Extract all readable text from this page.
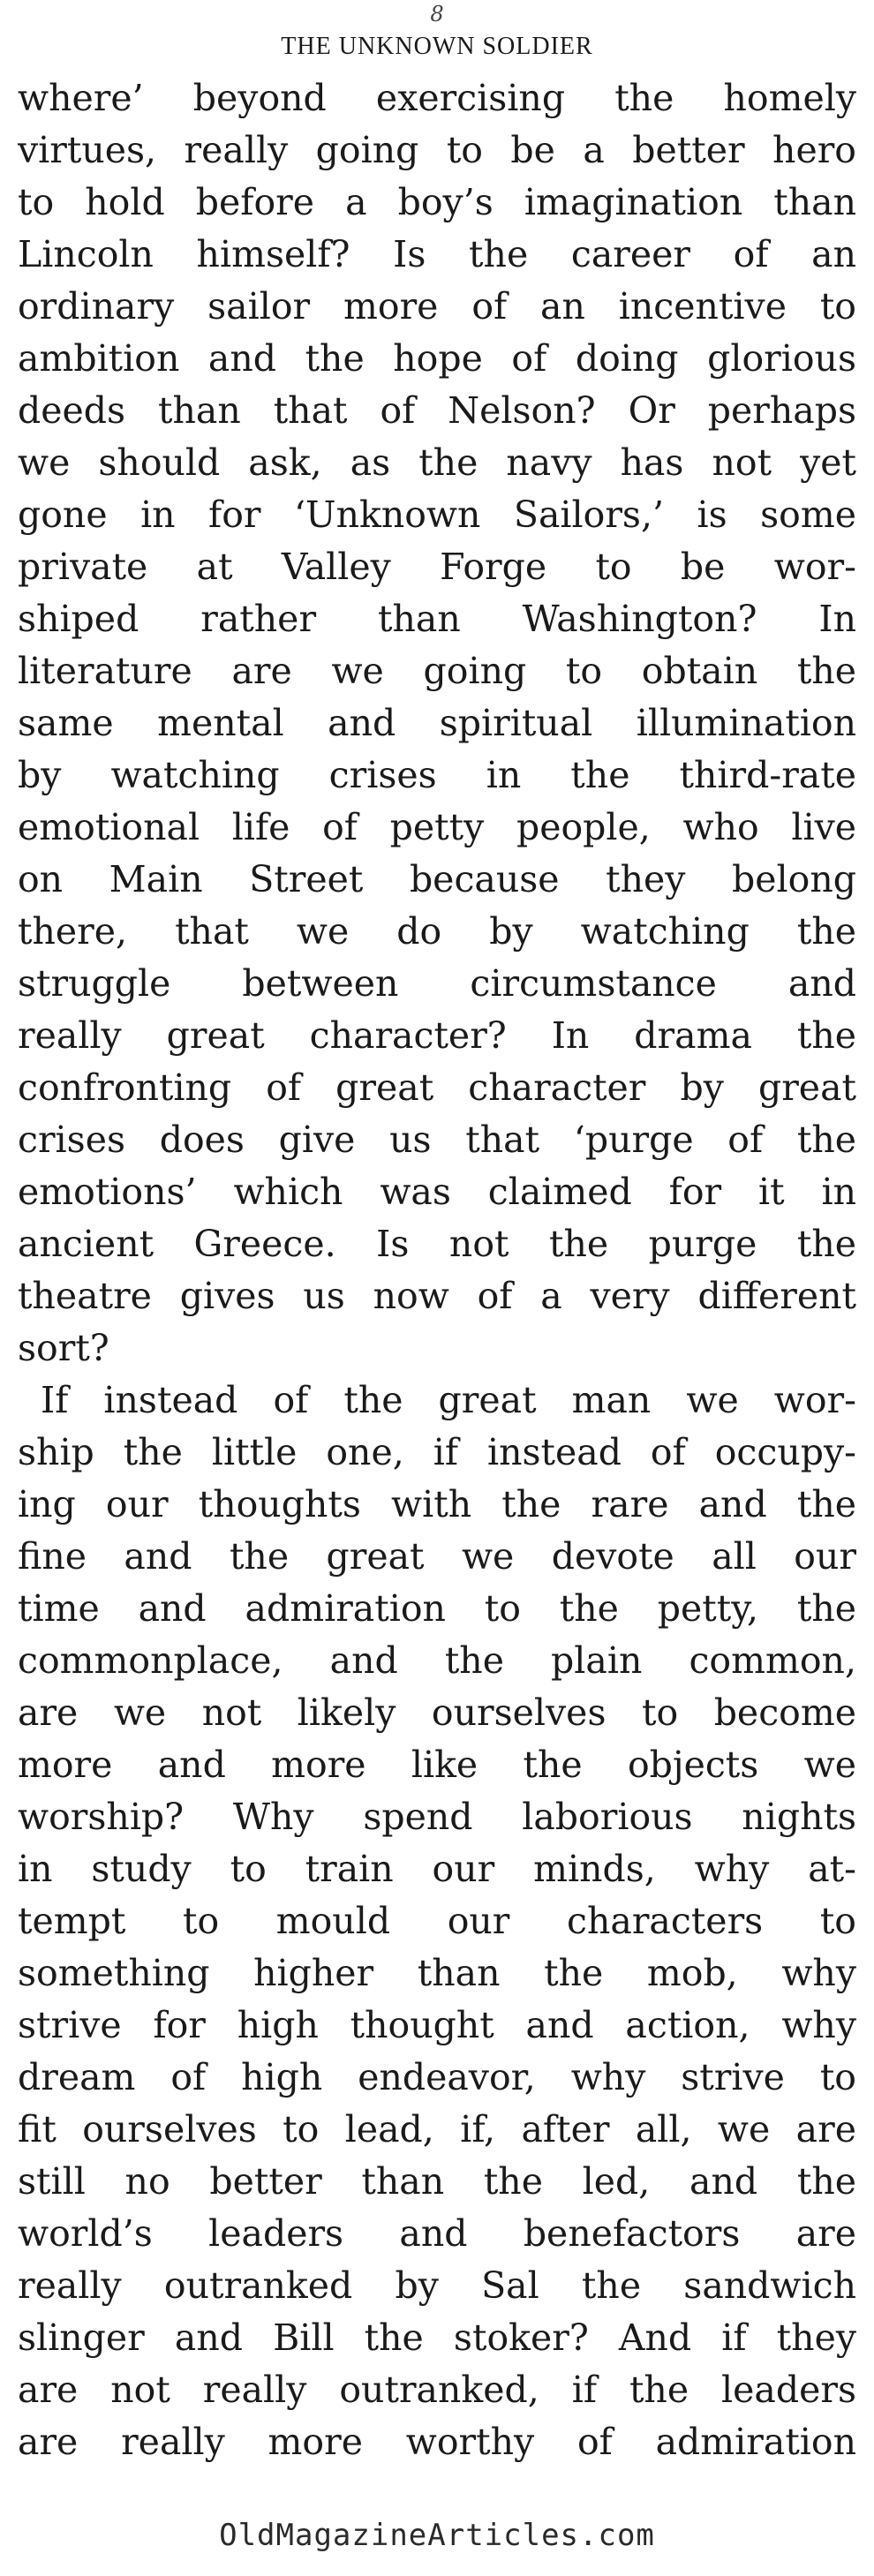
8
THE UNKNOWN SOLDIER
where’ beyond exercising the homely
virtues, really going to be a better hero
to hold before a boy’s imagination than
Lincoln himself? Is the career of an
ordinary sailor more of an incentive to
ambition and the hope of doing glorious
deeds than that of Nelson? Or perhaps
we should ask, as the navy has not yet
gone in for ‘Unknown Sailors,’ is some
private at Valley Forge to be wor-
shiped rather than Washington? In
literature are we going to obtain the
same mental and spiritual illumination
by watching crises in the third-rate
emotional life of petty people, who live
on Main Street because they belong
there, that we do by watching the
struggle between circumstance and
really great character? In drama the
confronting of great character by great
crises does give us that ‘purge of the
emotions’ which was claimed for it in
ancient Greece. Is not the purge the
theatre gives us now of a very different
sort?
If instead of the great man we wor-
ship the little one, if instead of occupy-
ing our thoughts with the rare and the
fine and the great we devote all our
time and admiration to the petty, the
commonplace, and the plain common,
are we not likely ourselves to become
more and more like the objects we
worship? Why spend laborious nights
in study to train our minds, why at-
tempt to mould our characters to
something higher than the mob, why
strive for high thought and action, why
dream of high endeavor, why strive to
fit ourselves to lead, if, after all, we are
still no better than the led, and the
world’s leaders and benefactors are
really outranked by Sal the sandwich
slinger and Bill the stoker? And if they
are not really outranked, if the leaders
are really more worthy of admiration
OldMagazineArticles.com
